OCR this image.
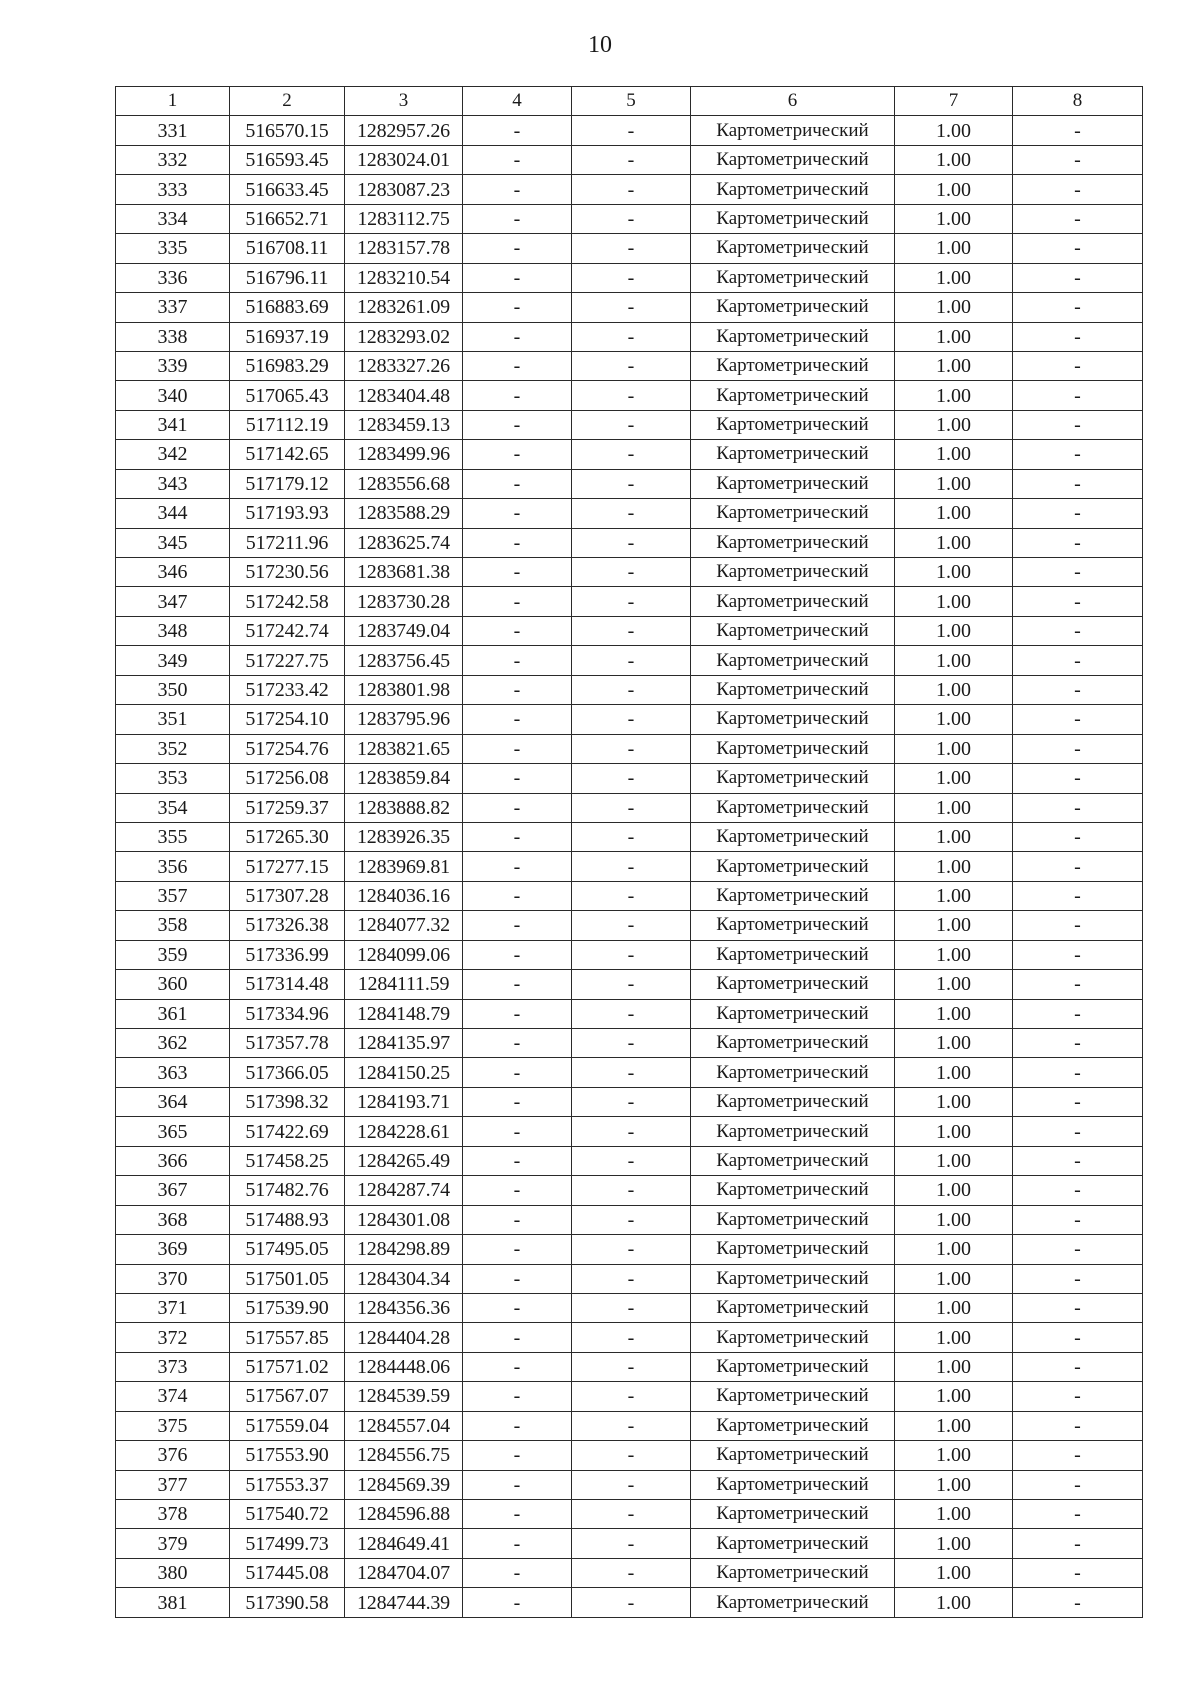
10
1	2	3	4	5	6	7	8
331	516570.15	1282957.26	-	-	Картометрический	1.00	-
332	516593.45	1283024.01	-	-	Картометрический	1.00	-
333	516633.45	1283087.23	-	-	Картометрический	1.00	-
334	516652.71	1283112.75	-	-	Картометрический	1.00	-
335	516708.11	1283157.78	-	-	Картометрический	1.00	-
336	516796.11	1283210.54	-	-	Картометрический	1.00	-
337	516883.69	1283261.09	-	-	Картометрический	1.00	-
338	516937.19	1283293.02	-	-	Картометрический	1.00	-
339	516983.29	1283327.26	-	-	Картометрический	1.00	-
340	517065.43	1283404.48	-	-	Картометрический	1.00	-
341	517112.19	1283459.13	-	-	Картометрический	1.00	-
342	517142.65	1283499.96	-	-	Картометрический	1.00	-
343	517179.12	1283556.68	-	-	Картометрический	1.00	-
344	517193.93	1283588.29	-	-	Картометрический	1.00	-
345	517211.96	1283625.74	-	-	Картометрический	1.00	-
346	517230.56	1283681.38	-	-	Картометрический	1.00	-
347	517242.58	1283730.28	-	-	Картометрический	1.00	-
348	517242.74	1283749.04	-	-	Картометрический	1.00	-
349	517227.75	1283756.45	-	-	Картометрический	1.00	-
350	517233.42	1283801.98	-	-	Картометрический	1.00	-
351	517254.10	1283795.96	-	-	Картометрический	1.00	-
352	517254.76	1283821.65	-	-	Картометрический	1.00	-
353	517256.08	1283859.84	-	-	Картометрический	1.00	-
354	517259.37	1283888.82	-	-	Картометрический	1.00	-
355	517265.30	1283926.35	-	-	Картометрический	1.00	-
356	517277.15	1283969.81	-	-	Картометрический	1.00	-
357	517307.28	1284036.16	-	-	Картометрический	1.00	-
358	517326.38	1284077.32	-	-	Картометрический	1.00	-
359	517336.99	1284099.06	-	-	Картометрический	1.00	-
360	517314.48	1284111.59	-	-	Картометрический	1.00	-
361	517334.96	1284148.79	-	-	Картометрический	1.00	-
362	517357.78	1284135.97	-	-	Картометрический	1.00	-
363	517366.05	1284150.25	-	-	Картометрический	1.00	-
364	517398.32	1284193.71	-	-	Картометрический	1.00	-
365	517422.69	1284228.61	-	-	Картометрический	1.00	-
366	517458.25	1284265.49	-	-	Картометрический	1.00	-
367	517482.76	1284287.74	-	-	Картометрический	1.00	-
368	517488.93	1284301.08	-	-	Картометрический	1.00	-
369	517495.05	1284298.89	-	-	Картометрический	1.00	-
370	517501.05	1284304.34	-	-	Картометрический	1.00	-
371	517539.90	1284356.36	-	-	Картометрический	1.00	-
372	517557.85	1284404.28	-	-	Картометрический	1.00	-
373	517571.02	1284448.06	-	-	Картометрический	1.00	-
374	517567.07	1284539.59	-	-	Картометрический	1.00	-
375	517559.04	1284557.04	-	-	Картометрический	1.00	-
376	517553.90	1284556.75	-	-	Картометрический	1.00	-
377	517553.37	1284569.39	-	-	Картометрический	1.00	-
378	517540.72	1284596.88	-	-	Картометрический	1.00	-
379	517499.73	1284649.41	-	-	Картометрический	1.00	-
380	517445.08	1284704.07	-	-	Картометрический	1.00	-
381	517390.58	1284744.39	-	-	Картометрический	1.00	-
